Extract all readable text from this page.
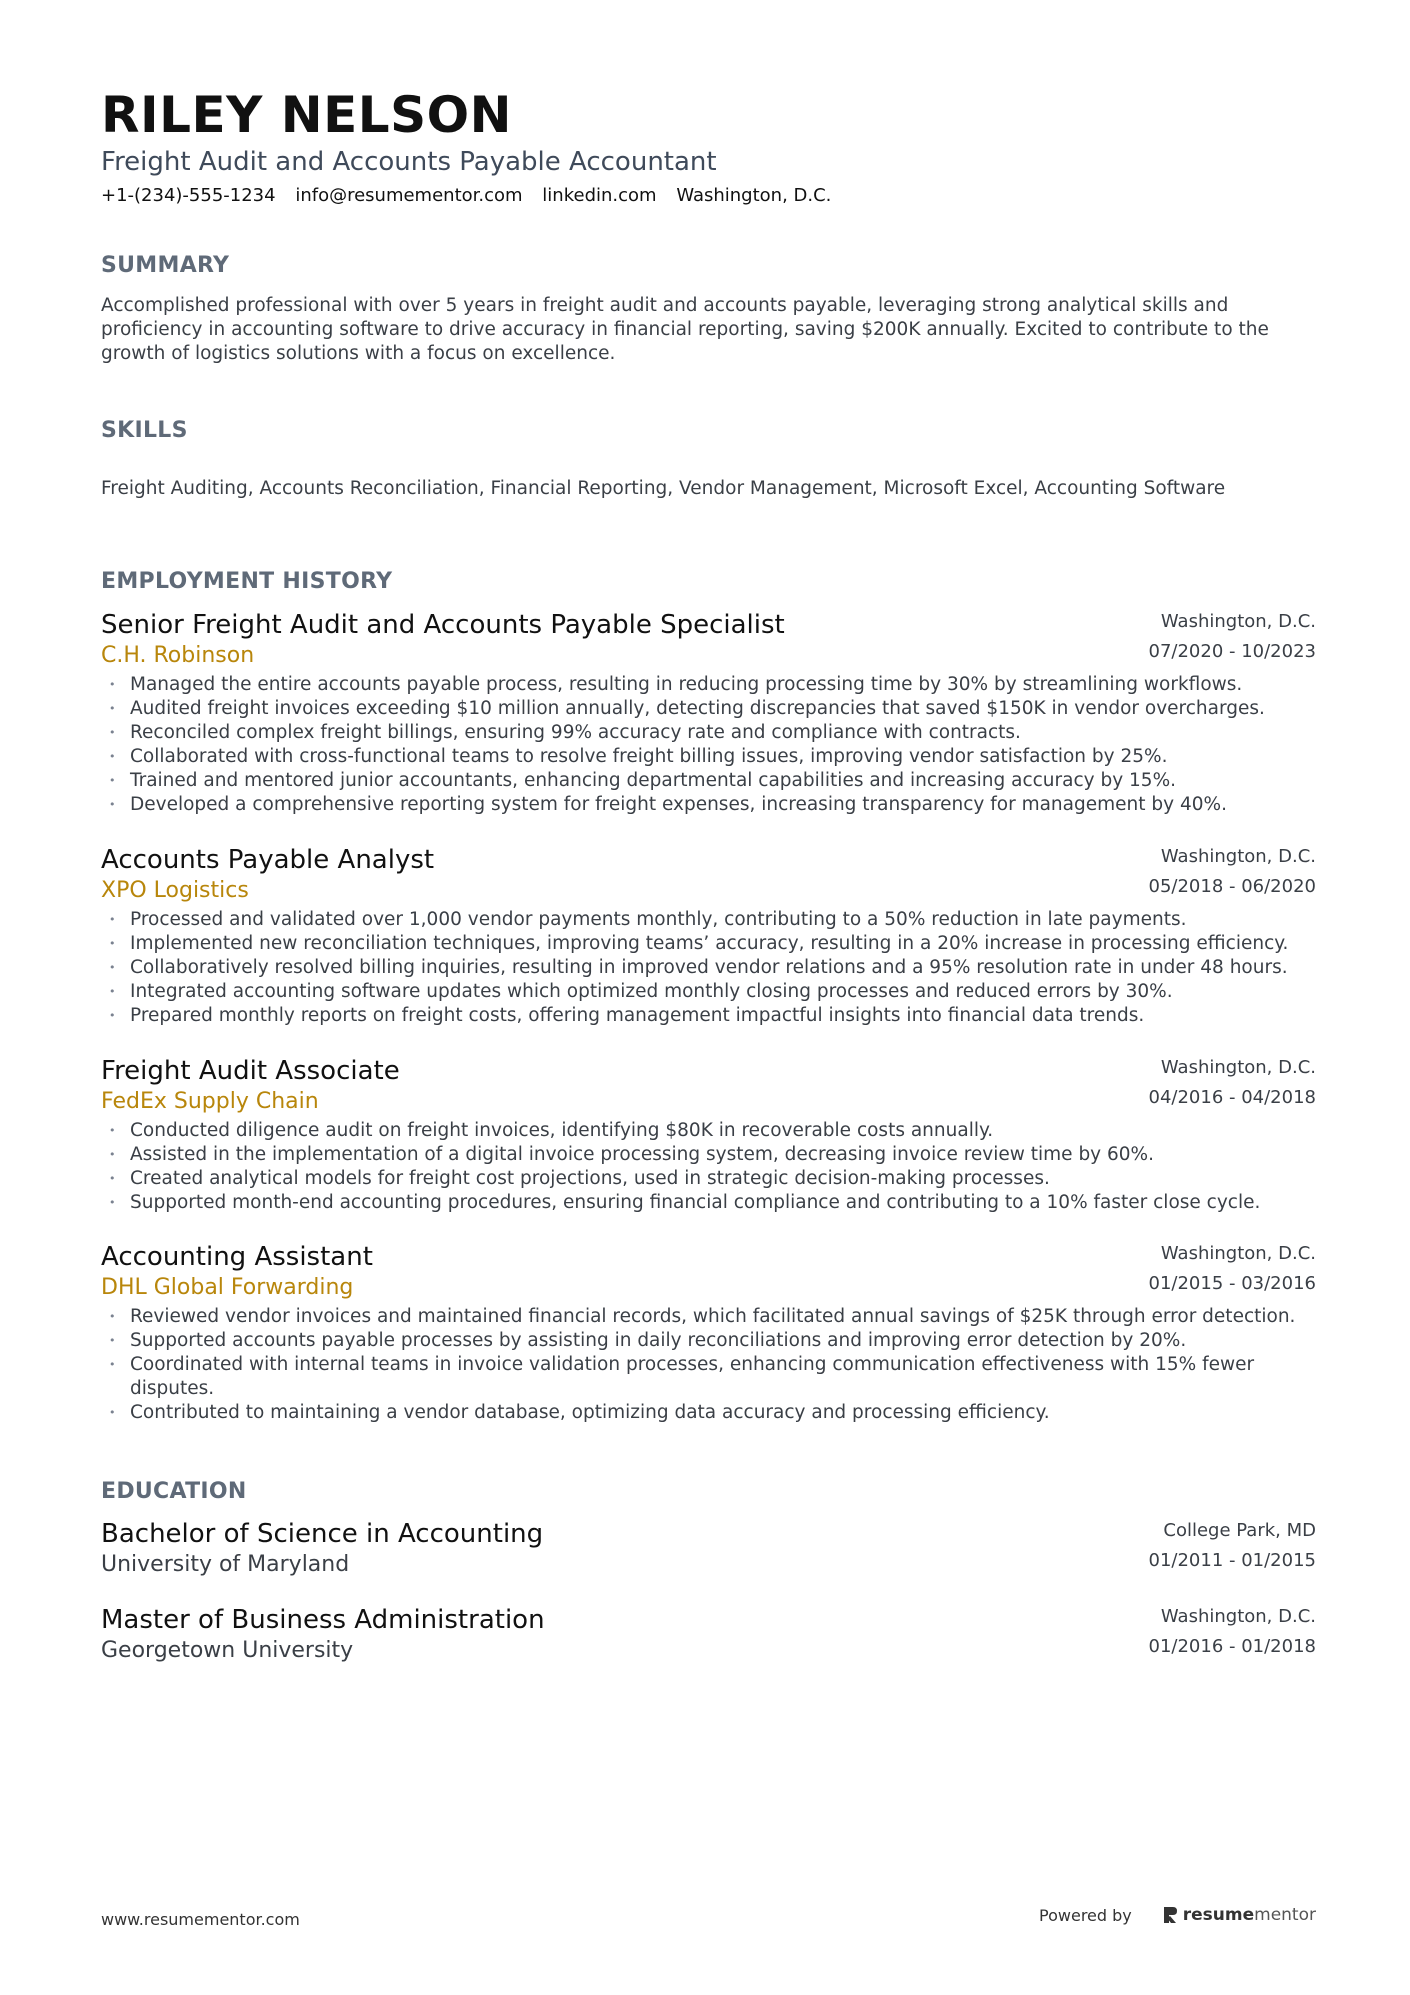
RILEY NELSON
Freight Audit and Accounts Payable Accountant
+1-(234)-555-1234 info@resumementor.com linkedin.com Washington, D.C.
SUMMARY
Accomplished professional with over 5 years in freight audit and accounts payable, leveraging strong analytical skills and proficiency in accounting software to drive accuracy in financial reporting, saving $200K annually. Excited to contribute to the growth of logistics solutions with a focus on excellence.
SKILLS
Freight Auditing, Accounts Reconciliation, Financial Reporting, Vendor Management, Microsoft Excel, Accounting Software
EMPLOYMENT HISTORY
Senior Freight Audit and Accounts Payable Specialist
C.H. Robinson
Washington, D.C.
07/2020 - 10/2023
• Managed the entire accounts payable process, resulting in reducing processing time by 30% by streamlining workflows.
• Audited freight invoices exceeding $10 million annually, detecting discrepancies that saved $150K in vendor overcharges.
• Reconciled complex freight billings, ensuring 99% accuracy rate and compliance with contracts.
• Collaborated with cross-functional teams to resolve freight billing issues, improving vendor satisfaction by 25%.
• Trained and mentored junior accountants, enhancing departmental capabilities and increasing accuracy by 15%.
• Developed a comprehensive reporting system for freight expenses, increasing transparency for management by 40%.
Accounts Payable Analyst
XPO Logistics
Washington, D.C.
05/2018 - 06/2020
• Processed and validated over 1,000 vendor payments monthly, contributing to a 50% reduction in late payments.
• Implemented new reconciliation techniques, improving teams’ accuracy, resulting in a 20% increase in processing efficiency.
• Collaboratively resolved billing inquiries, resulting in improved vendor relations and a 95% resolution rate in under 48 hours.
• Integrated accounting software updates which optimized monthly closing processes and reduced errors by 30%.
• Prepared monthly reports on freight costs, offering management impactful insights into financial data trends.
Freight Audit Associate
FedEx Supply Chain
Washington, D.C.
04/2016 - 04/2018
• Conducted diligence audit on freight invoices, identifying $80K in recoverable costs annually.
• Assisted in the implementation of a digital invoice processing system, decreasing invoice review time by 60%.
• Created analytical models for freight cost projections, used in strategic decision-making processes.
• Supported month-end accounting procedures, ensuring financial compliance and contributing to a 10% faster close cycle.
Accounting Assistant
DHL Global Forwarding
Washington, D.C.
01/2015 - 03/2016
• Reviewed vendor invoices and maintained financial records, which facilitated annual savings of $25K through error detection.
• Supported accounts payable processes by assisting in daily reconciliations and improving error detection by 20%.
• Coordinated with internal teams in invoice validation processes, enhancing communication effectiveness with 15% fewer disputes.
• Contributed to maintaining a vendor database, optimizing data accuracy and processing efficiency.
EDUCATION
Bachelor of Science in Accounting
University of Maryland
College Park, MD
01/2011 - 01/2015
Master of Business Administration
Georgetown University
Washington, D.C.
01/2016 - 01/2018
www.resumementor.com	Powered by	resumementor
